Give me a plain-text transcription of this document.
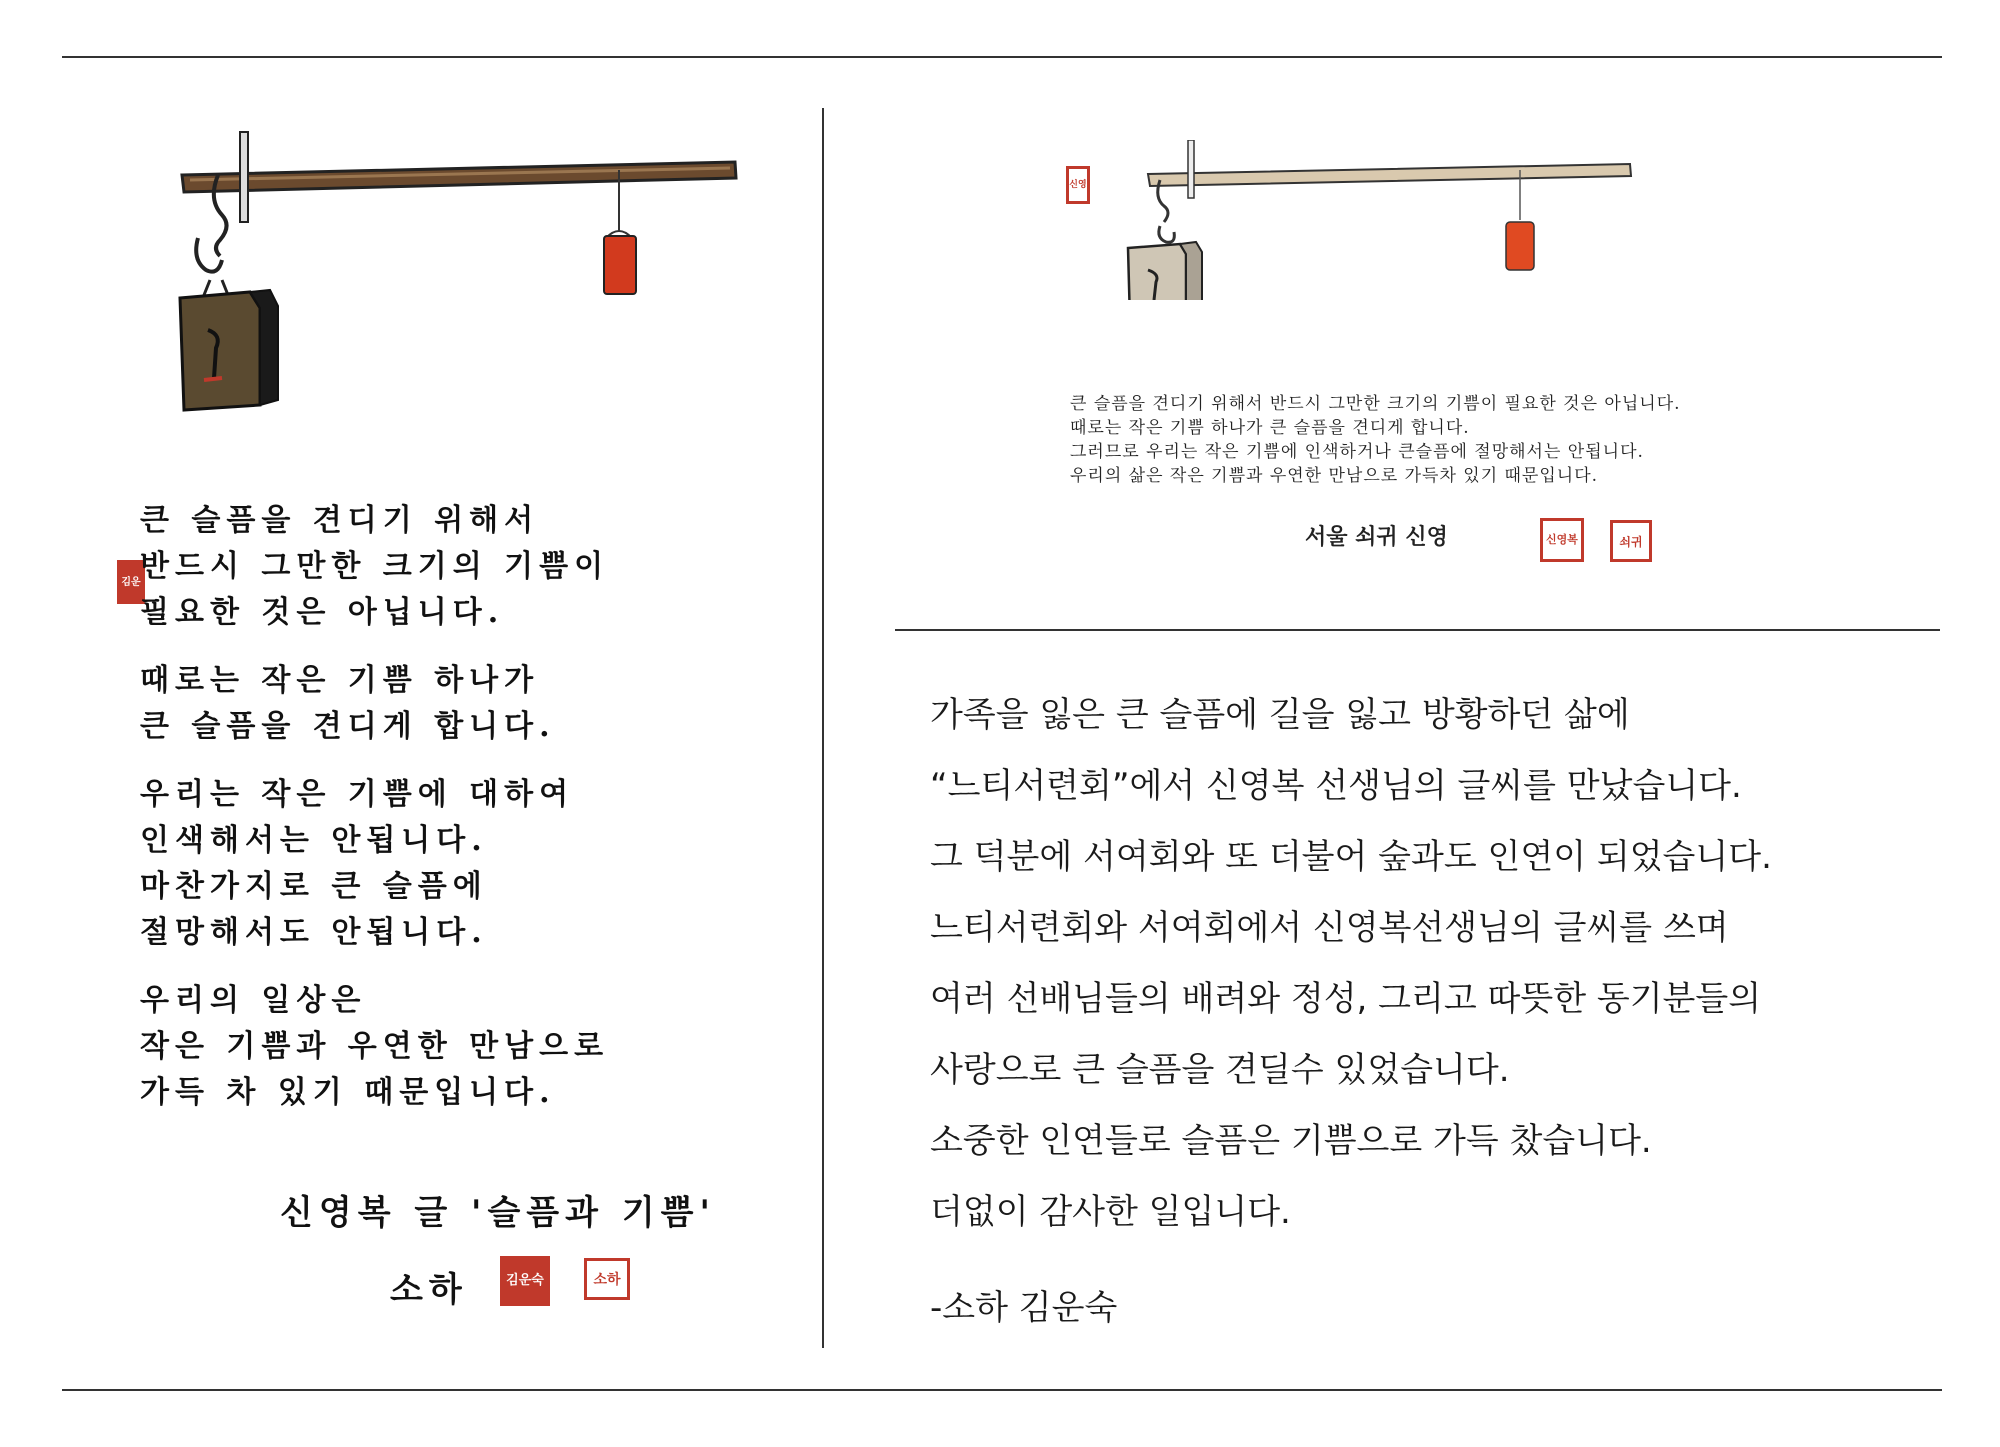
김운
큰 슬픔을 견디기 위해서
반드시 그만한 크기의 기쁨이
필요한 것은 아닙니다.
때로는 작은 기쁨 하나가
큰 슬픔을 견디게 합니다.
우리는 작은 기쁨에 대하여
인색해서는 안됩니다.
마찬가지로 큰 슬픔에
절망해서도 안됩니다.
우리의 일상은
작은 기쁨과 우연한 만남으로
가득 차 있기 때문입니다.
신영복 글 '슬픔과 기쁨'
소하	김운숙	소하
신영
큰 슬픔을 견디기 위해서 반드시 그만한 크기의 기쁨이 필요한 것은 아닙니다.
때로는 작은 기쁨 하나가 큰 슬픔을 견디게 합니다.
그러므로 우리는 작은 기쁨에 인색하거나 큰슬픔에 절망해서는 안됩니다.
우리의 삶은 작은 기쁨과 우연한 만남으로 가득차 있기 때문입니다.
서울 쇠귀 신영	신영복	쇠귀
가족을 잃은 큰 슬픔에 길을 잃고 방황하던 삶에
“느티서련회”에서 신영복 선생님의 글씨를 만났습니다.
그 덕분에 서여회와 또 더불어 숲과도 인연이 되었습니다.
느티서련회와 서여회에서 신영복선생님의 글씨를 쓰며
여러 선배님들의 배려와 정성, 그리고 따뜻한 동기분들의
사랑으로 큰 슬픔을 견딜수 있었습니다.
소중한 인연들로 슬픔은 기쁨으로 가득 찼습니다.
더없이 감사한 일입니다.
-소하 김운숙
